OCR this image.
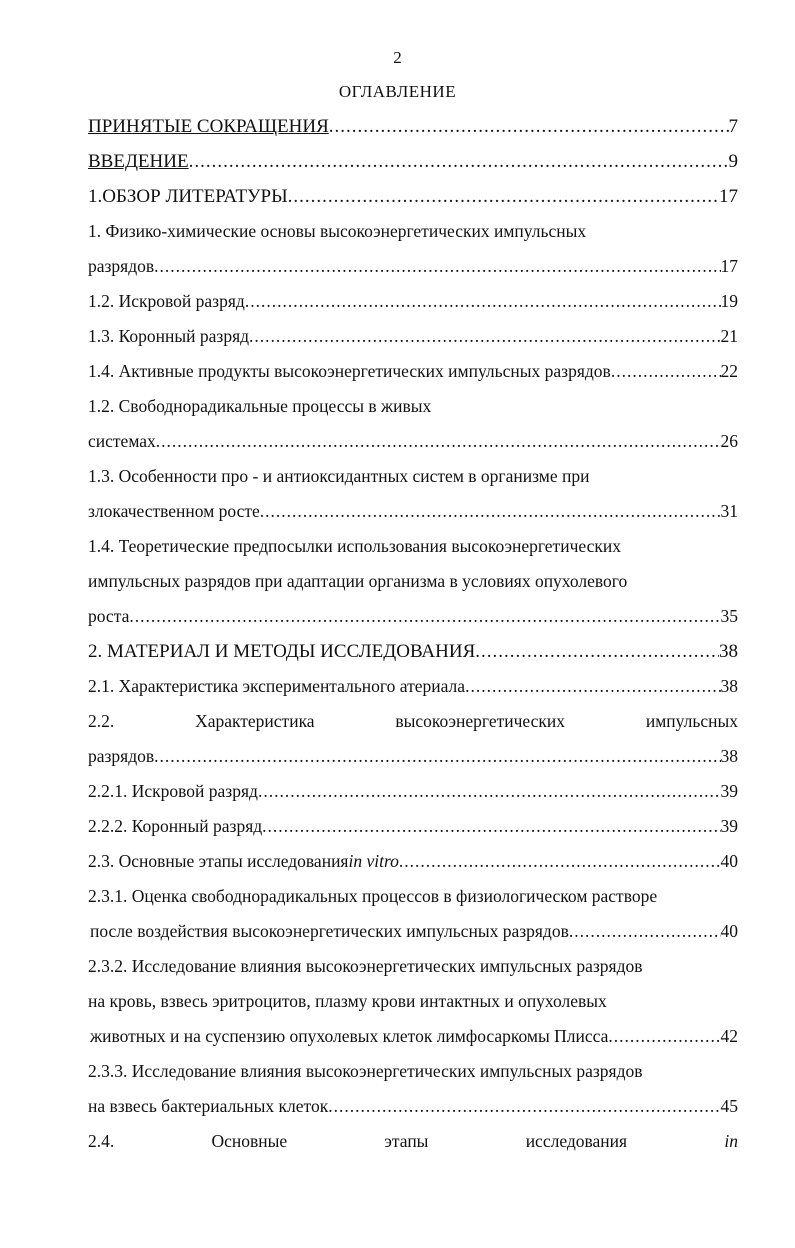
2
ОГЛАВЛЕНИЕ
ПРИНЯТЫЕ СОКРАЩЕНИЯ .....	7
ВВЕДЕНИЕ .....	9
1.ОБЗОР ЛИТЕРАТУРЫ .....	17
1. Физико-химические основы высокоэнергетических импульсных
разрядов .....	17
1.2. Искровой разряд .....	19
1.3. Коронный разряд .....	21
1.4. Активные продукты высокоэнергетических импульсных разрядов .....	22
1.2. Свободнорадикальные процессы в живых
системах .....	26
1.3. Особенности про - и антиоксидантных систем в организме при
злокачественном росте .....	31
1.4. Теоретические предпосылки использования высокоэнергетических
импульсных разрядов при адаптации организма в условиях опухолевого
роста .....	35
2. МАТЕРИАЛ И МЕТОДЫ ИССЛЕДОВАНИЯ .....	38
2.1. Характеристика экспериментального атериала .....	38
2.2.	Характеристика	высокоэнергетических	импульсных
разрядов .....	38
2.2.1. Искровой разряд .....	39
2.2.2. Коронный разряд .....	39
2.3. Основные этапы исследования in vitro .....	40
2.3.1. Оценка свободнорадикальных процессов в физиологическом растворе
после воздействия высокоэнергетических импульсных разрядов .....	40
2.3.2. Исследование влияния высокоэнергетических импульсных разрядов
на кровь, взвесь эритроцитов, плазму крови интактных и опухолевых
животных и на суспензию опухолевых клеток лимфосаркомы Плисса .....	42
2.3.3. Исследование влияния высокоэнергетических импульсных разрядов
на взвесь бактериальных клеток .....	45
2.4.	Основные	этапы	исследования	in
